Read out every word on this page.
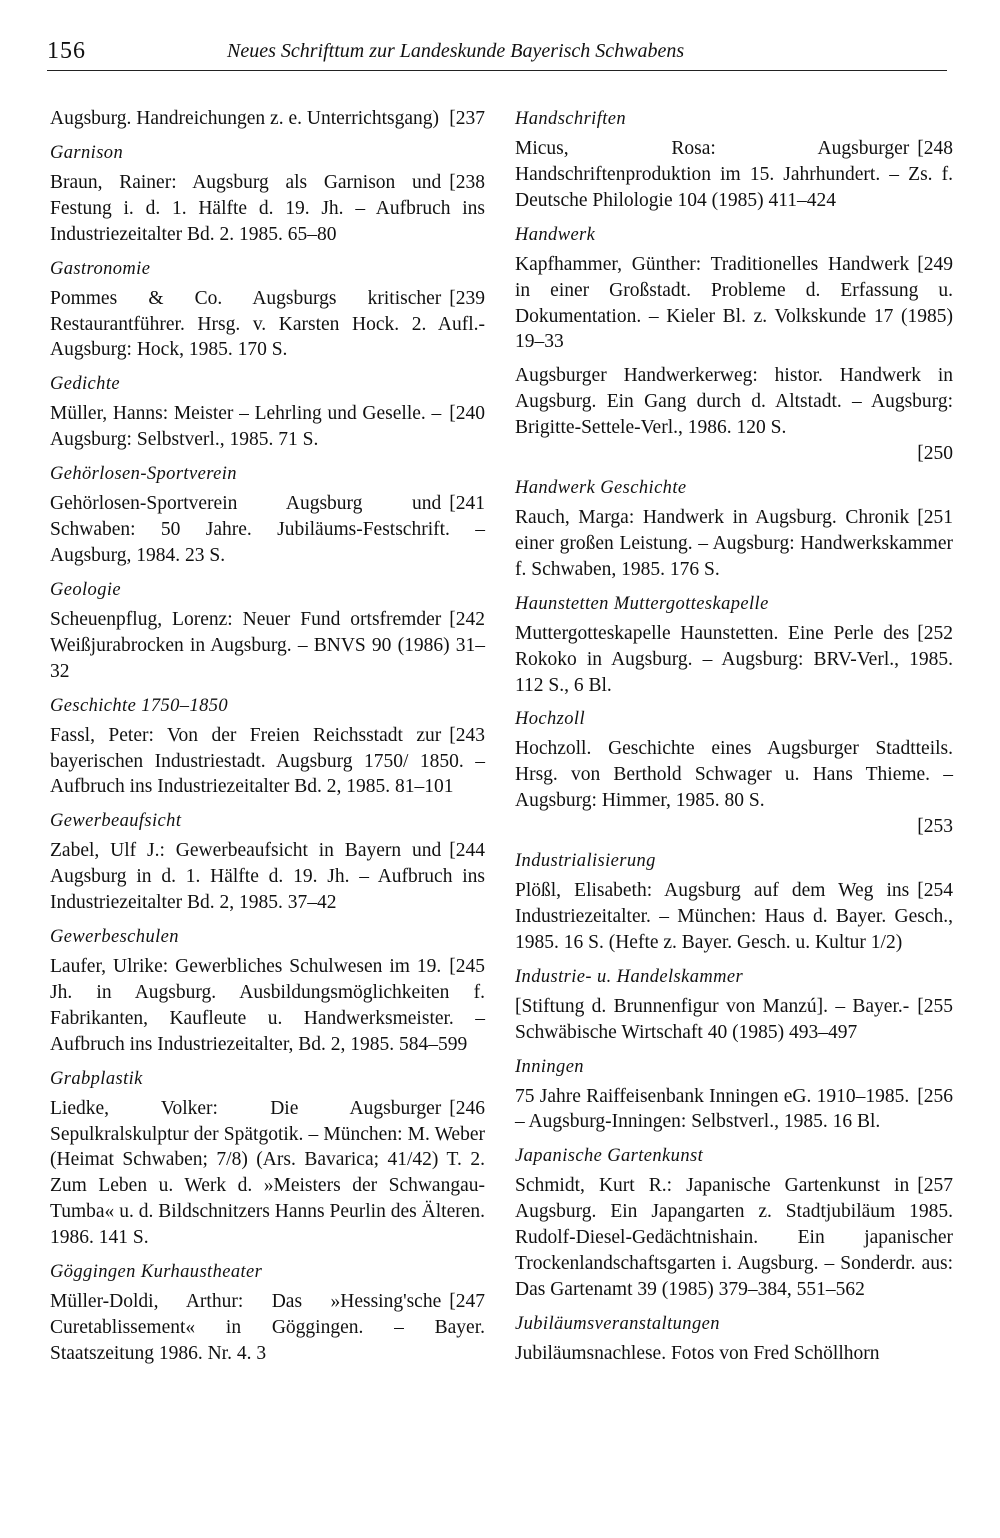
156	Neues Schrifttum zur Landeskunde Bayerisch Schwabens
[237
Augsburg. Handreichungen z. e. Unterrichtsgang)
Garnison
[238
Braun, Rainer: Augsburg als Garnison und Festung i. d. 1. Hälfte d. 19. Jh. – Aufbruch ins Industriezeitalter Bd. 2. 1985. 65–80
Gastronomie
[239
Pommes & Co. Augsburgs kritischer Restaurantführer. Hrsg. v. Karsten Hock. 2. Aufl.- Augsburg: Hock, 1985. 170 S.
Gedichte
[240
Müller, Hanns: Meister – Lehrling und Geselle. – Augsburg: Selbstverl., 1985. 71 S.
Gehörlosen-Sportverein
[241
Gehörlosen-Sportverein Augsburg und Schwaben: 50 Jahre. Jubiläums-Festschrift. – Augsburg, 1984. 23 S.
Geologie
[242
Scheuenpflug, Lorenz: Neuer Fund ortsfremder Weißjurabrocken in Augsburg. – BNVS 90 (1986) 31–32
Geschichte 1750–1850
[243
Fassl, Peter: Von der Freien Reichsstadt zur bayerischen Industriestadt. Augsburg 1750/ 1850. – Aufbruch ins Industriezeitalter Bd. 2, 1985. 81–101
Gewerbeaufsicht
[244
Zabel, Ulf J.: Gewerbeaufsicht in Bayern und Augsburg in d. 1. Hälfte d. 19. Jh. – Aufbruch ins Industriezeitalter Bd. 2, 1985. 37–42
Gewerbeschulen
[245
Laufer, Ulrike: Gewerbliches Schulwesen im 19. Jh. in Augsburg. Ausbildungsmöglichkeiten f. Fabrikanten, Kaufleute u. Handwerksmeister. – Aufbruch ins Industriezeitalter, Bd. 2, 1985. 584–599
Grabplastik
[246
Liedke, Volker: Die Augsburger Sepulkralskulptur der Spätgotik. – München: M. Weber (Heimat Schwaben; 7/8) (Ars. Bavarica; 41/42) T. 2. Zum Leben u. Werk d. »Meisters der Schwangau-Tumba« u. d. Bildschnitzers Hanns Peurlin des Älteren. 1986. 141 S.
Göggingen Kurhaustheater
[247
Müller-Doldi, Arthur: Das »Hessing'sche Curetablissement« in Göggingen. – Bayer. Staatszeitung 1986. Nr. 4. 3
Handschriften
[248
Micus, Rosa: Augsburger Handschriftenproduktion im 15. Jahrhundert. – Zs. f. Deutsche Philologie 104 (1985) 411–424
Handwerk
[249
Kapfhammer, Günther: Traditionelles Handwerk in einer Großstadt. Probleme d. Erfassung u. Dokumentation. – Kieler Bl. z. Volkskunde 17 (1985) 19–33
Augsburger Handwerkerweg: histor. Handwerk in Augsburg. Ein Gang durch d. Altstadt. – Augsburg: Brigitte-Settele-Verl., 1986. 120 S.
[250
Handwerk Geschichte
[251
Rauch, Marga: Handwerk in Augsburg. Chronik einer großen Leistung. – Augsburg: Handwerkskammer f. Schwaben, 1985. 176 S.
Haunstetten Muttergotteskapelle
[252
Muttergotteskapelle Haunstetten. Eine Perle des Rokoko in Augsburg. – Augsburg: BRV-Verl., 1985. 112 S., 6 Bl.
Hochzoll
Hochzoll. Geschichte eines Augsburger Stadtteils. Hrsg. von Berthold Schwager u. Hans Thieme. – Augsburg: Himmer, 1985. 80 S.
[253
Industrialisierung
[254
Plößl, Elisabeth: Augsburg auf dem Weg ins Industriezeitalter. – München: Haus d. Bayer. Gesch., 1985. 16 S. (Hefte z. Bayer. Gesch. u. Kultur 1/2)
Industrie- u. Handelskammer
[255
[Stiftung d. Brunnenfigur von Manzú]. – Bayer.-Schwäbische Wirtschaft 40 (1985) 493–497
Inningen
[256
75 Jahre Raiffeisenbank Inningen eG. 1910–1985. – Augsburg-Inningen: Selbstverl., 1985. 16 Bl.
Japanische Gartenkunst
[257
Schmidt, Kurt R.: Japanische Gartenkunst in Augsburg. Ein Japangarten z. Stadtjubiläum 1985. Rudolf-Diesel-Gedächtnishain. Ein japanischer Trockenlandschaftsgarten i. Augsburg. – Sonderdr. aus: Das Gartenamt 39 (1985) 379–384, 551–562
Jubiläumsveranstaltungen
Jubiläumsnachlese. Fotos von Fred Schöllhorn
